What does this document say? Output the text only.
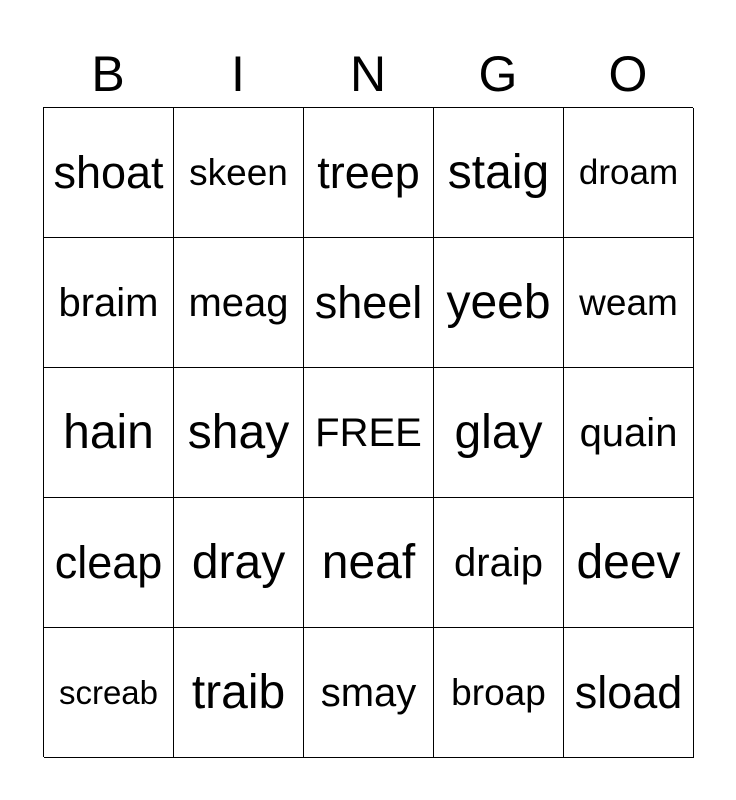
B	I	N	G	O
shoat skeen treep staig droam
braim meag sheel yeeb weam
hain shay FREE glay quain
cleap dray neaf draip deev
screab traib smay broap sload
